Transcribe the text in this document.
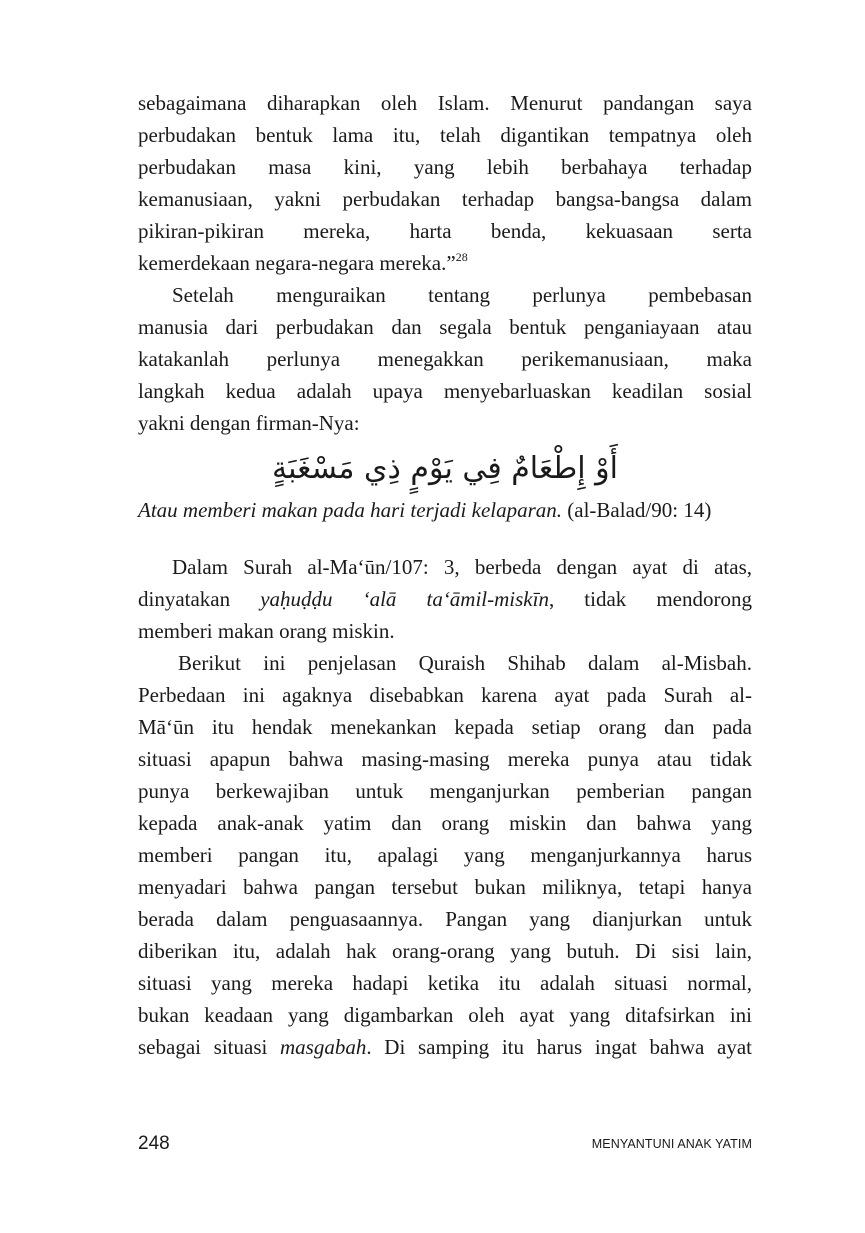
sebagaimana diharapkan oleh Islam. Menurut pandangan saya
perbudakan bentuk lama itu, telah digantikan tempatnya oleh
perbudakan masa kini, yang lebih berbahaya terhadap
kemanusiaan, yakni perbudakan terhadap bangsa-bangsa dalam
pikiran-pikiran mereka, harta benda, kekuasaan serta
kemerdekaan negara-negara mereka.”$^{28}$
Setelah menguraikan tentang perlunya pembebasan
manusia dari perbudakan dan segala bentuk penganiayaan atau
katakanlah perlunya menegakkan perikemanusiaan, maka
langkah kedua adalah upaya menyebarluaskan keadilan sosial
yakni dengan firman-Nya:
أَوْ إِطْعَامٌ فِي يَوْمٍ ذِي مَسْغَبَةٍ
Atau memberi makan pada hari terjadi kelaparan. (al-Balad/90: 14)
Dalam Surah al-Ma‘ūn/107: 3, berbeda dengan ayat di atas,
dinyatakan yaḥuḍḍu ‘alā ta‘āmil-miskīn, tidak mendorong
memberi makan orang miskin.
Berikut ini penjelasan Quraish Shihab dalam al-Misbah.
Perbedaan ini agaknya disebabkan karena ayat pada Surah al-
Mā‘ūn itu hendak menekankan kepada setiap orang dan pada
situasi apapun bahwa masing-masing mereka punya atau tidak
punya berkewajiban untuk menganjurkan pemberian pangan
kepada anak-anak yatim dan orang miskin dan bahwa yang
memberi pangan itu, apalagi yang menganjurkannya harus
menyadari bahwa pangan tersebut bukan miliknya, tetapi hanya
berada dalam penguasaannya. Pangan yang dianjurkan untuk
diberikan itu, adalah hak orang-orang yang butuh. Di sisi lain,
situasi yang mereka hadapi ketika itu adalah situasi normal,
bukan keadaan yang digambarkan oleh ayat yang ditafsirkan ini
sebagai situasi masgabah. Di samping itu harus ingat bahwa ayat
248	MENYANTUNI ANAK YATIM
